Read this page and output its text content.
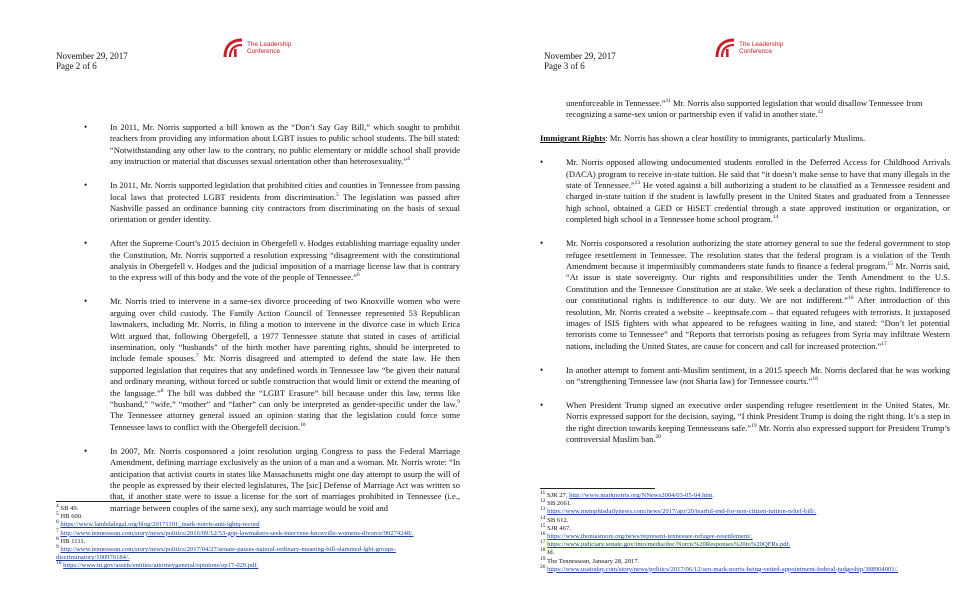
November 29, 2017
Page 2 of 6
The Leadership
Conference
• In 2011, Mr. Norris supported a bill known as the “Don’t Say Gay Bill,” which sought to prohibit teachers from providing any information about LGBT issues to public school students. The bill stated: “Notwithstanding any other law to the contrary, no public elementary or middle school shall provide any instruction or material that discusses sexual orientation other than heterosexuality.”$^4$
• In 2011, Mr. Norris supported legislation that prohibited cities and counties in Tennessee from passing local laws that protected LGBT residents from discrimination.$^5$ The legislation was passed after Nashville passed an ordinance banning city contractors from discriminating on the basis of sexual orientation or gender identity.
• After the Supreme Court’s 2015 decision in Obergefell v. Hodges establishing marriage equality under the Constitution, Mr. Norris supported a resolution expressing “disagreement with the constitutional analysis in Obergefell v. Hodges and the judicial imposition of a marriage license law that is contrary to the express will of this body and the vote of the people of Tennessee.”$^6$
• Mr. Norris tried to intervene in a same-sex divorce proceeding of two Knoxville women who were arguing over child custody. The Family Action Council of Tennessee represented 53 Republican lawmakers, including Mr. Norris, in filing a motion to intervene in the divorce case in which Erica Witt argued that, following Obergefell, a 1977 Tennessee statute that stated in cases of artificial insemination, only “husbands” of the birth mother have parenting rights, should be interpreted to include female spouses.$^7$ Mr. Norris disagreed and attempted to defend the state law. He then supported legislation that requires that any undefined words in Tennessee law “be given their natural and ordinary meaning, without forced or subtle construction that would limit or extend the meaning of the language.”$^8$ The bill was dubbed the “LGBT Erasure” bill because under this law, terms like “husband,” “wife,” “mother” and “father” can only be interpreted as gender-specific under the law.$^9$ The Tennessee attorney general issued an opinion stating that the legislation could force some Tennessee laws to conflict with the Obergefell decision.$^{10}$
• In 2007, Mr. Norris cosponsored a joint resolution urging Congress to pass the Federal Marriage Amendment, defining marriage exclusively as the union of a man and a woman. Mr. Norris wrote: “In anticipation that activist courts in states like Massachusetts might one day attempt to usurp the will of the people as expressed by their elected legislatures, The [sic] Defense of Marriage Act was written so that, if another state were to issue a license for the sort of marriages prohibited in Tennessee (i.e., marriage between couples of the same sex), any such marriage would be void and
$^4$ SB 49.
$^5$ HB 600.
$^6$ https://www.lambdalegal.org/blog/20171101_mark-norris-anti-lgbtq-record
$^7$ http://www.tennessean.com/story/news/politics/2016/09/12/53-gop-lawmakers-seek-intervene-knoxville-womens-divorce/90274248/.
$^8$ HB 1111.
$^9$ http://www.tennessean.com/story/news/politics/2017/04/27/senate-passes-natural-ordinary-meaning-bill-slammed-lgbt-groups-discriminatory/100976184/.
$^{10}$ https://www.tn.gov/assets/entities/attorneygeneral/opinions/op17-029.pdf.
November 29, 2017
Page 3 of 6
The Leadership
Conference
unenforceable in Tennessee.”$^{11}$ Mr. Norris also supported legislation that would disallow Tennessee from recognizing a same-sex union or partnership even if valid in another state.$^{12}$
Immigrant Rights: Mr. Norris has shown a clear hostility to immigrants, particularly Muslims.
• Mr. Norris opposed allowing undocumented students enrolled in the Deferred Access for Childhood Arrivals (DACA) program to receive in-state tuition. He said that “it doesn’t make sense to have that many illegals in the state of Tennessee.”$^{13}$ He voted against a bill authorizing a student to be classified as a Tennessee resident and charged in-state tuition if the student is lawfully present in the United States and graduated from a Tennessee high school, obtained a GED or HiSET credential through a state approved institution or organization, or completed high school in a Tennessee home school program.$^{14}$
• Mr. Norris cosponsored a resolution authorizing the state attorney general to sue the federal government to stop refugee resettlement in Tennessee. The resolution states that the federal program is a violation of the Tenth Amendment because it impermissibly commandeers state funds to finance a federal program.$^{15}$ Mr. Norris said, “At issue is state sovereignty. Our rights and responsibilities under the Tenth Amendment to the U.S. Constitution and the Tennessee Constitution are at stake. We seek a declaration of these rights. Indifference to our constitutional rights is indifference to our duty. We are not indifferent.”$^{16}$ After introduction of this resolution, Mr. Norris created a website – keeptnsafe.com – that equated refugees with terrorists. It juxtaposed images of ISIS fighters with what appeared to be refugees waiting in line, and stated: “Don’t let potential terrorists come to Tennessee” and “Reports that terrorists posing as refugees from Syria may infiltrate Western nations, including the United States, are cause for concern and call for increased protection.”$^{17}$
• In another attempt to foment anti-Muslim sentiment, in a 2015 speech Mr. Norris declared that he was working on “strengthening Tennessee law (not Sharia law) for Tennessee courts.”$^{18}$
• When President Trump signed an executive order suspending refugee resettlement in the United States, Mr. Norris expressed support for the decision, saying, “I think President Trump is doing the right thing. It’s a step in the right direction towards keeping Tennesseans safe.”$^{19}$ Mr. Norris also expressed support for President Trump’s controversial Muslim ban.$^{20}$
$^{11}$ SJR 27, http://www.marknorris.org/NNews2004/03-05-04.htm.
$^{12}$ SB 2661.
$^{13}$ https://www.memphisdailynews.com/news/2017/apr/20/tearful-end-for-non-citizen-tuition-relief-bill/.
$^{14}$ SB 612.
$^{15}$ SJR 467.
$^{16}$ https://www.thomasmore.org/news/represent-tennessee-refugee-resettlement/.
$^{17}$ https://www.judiciary.senate.gov/imo/media/doc/Norris%20Responses%20to%20QFRs.pdf.
$^{18}$ Id.
$^{19}$ The Tennessean, January 28, 2017.
$^{20}$ https://www.usatoday.com/story/news/politics/2017/06/12/sen-mark-norris-being-vetted-appointment-federal-judgeship/388904001/.
